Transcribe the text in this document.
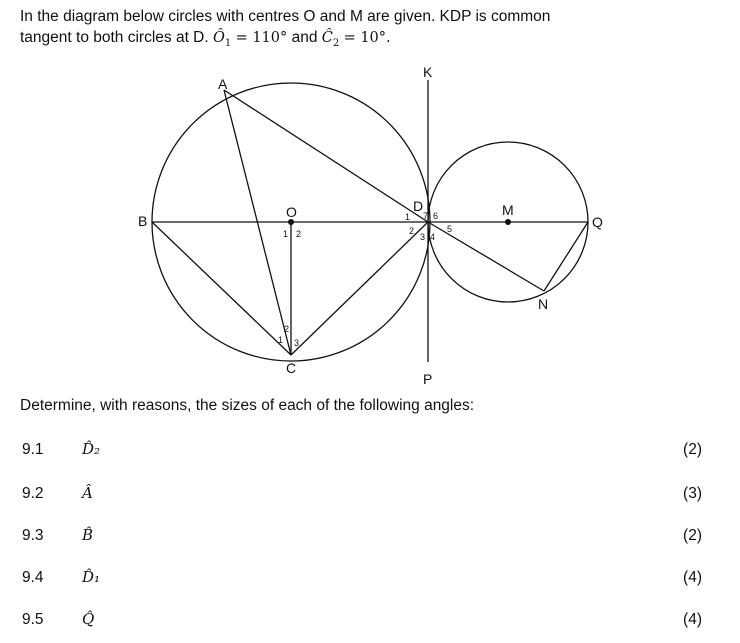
In the diagram below circles with centres O and M are given. KDP is common
tangent to both circles at D. $Ô_1 = 110^\circ$ and $Ĉ_2 = 10^\circ$.
A
B
C
D
K
M
N
O
P
Q
1 2
1
2
3
1
2
3 4
5
6
7
Determine, with reasons, the sizes of each of the following angles:
9.1	D̂₂	(2)
9.2	Â	(3)
9.3	B̂	(2)
9.4	D̂₁	(4)
9.5	Q̂	(4)
